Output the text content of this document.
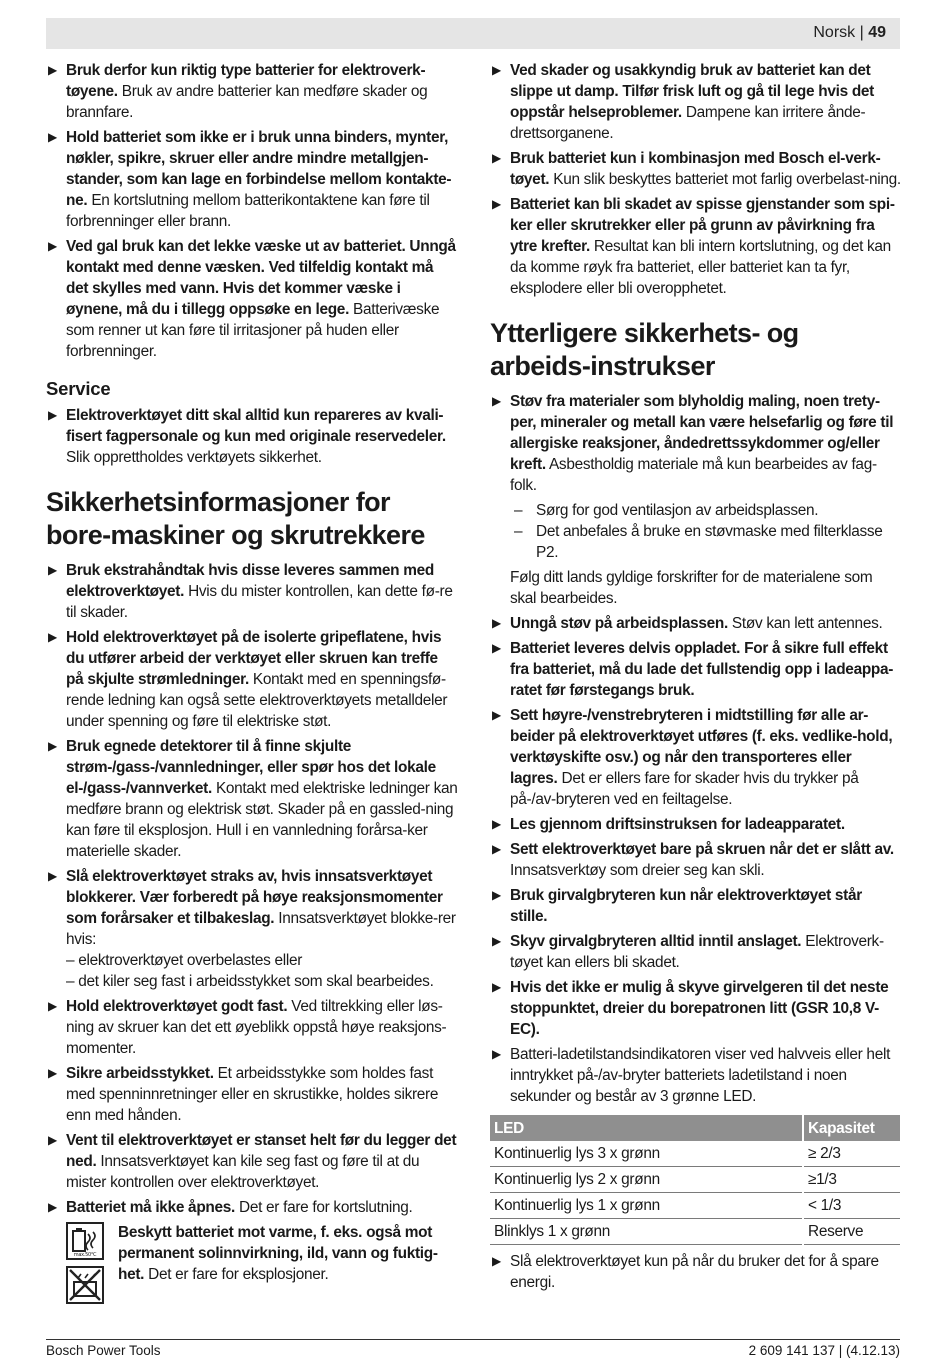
Norsk | 49
▶ Bruk derfor kun riktig type batterier for elektroverk-tøyene. Bruk av andre batterier kan medføre skader og brannfare.
▶ Hold batteriet som ikke er i bruk unna binders, mynter, nøkler, spikre, skruer eller andre mindre metallgjen-stander, som kan lage en forbindelse mellom kontakte-ne. En kortslutning mellom batterikontaktene kan føre til forbrenninger eller brann.
▶ Ved gal bruk kan det lekke væske ut av batteriet. Unngå kontakt med denne væsken. Ved tilfeldig kontakt må det skylles med vann. Hvis det kommer væske i øynene, må du i tillegg oppsøke en lege. Batterivæske som renner ut kan føre til irritasjoner på huden eller forbrenninger.
Service
▶ Elektroverktøyet ditt skal alltid kun repareres av kvali-fisert fagpersonale og kun med originale reservedeler. Slik opprettholdes verktøyets sikkerhet.
Sikkerhetsinformasjoner for bore-maskiner og skrutrekkere
▶ Bruk ekstrahåndtak hvis disse leveres sammen med elektroverktøyet. Hvis du mister kontrollen, kan dette fø-re til skader.
▶ Hold elektroverktøyet på de isolerte gripeflatene, hvis du utfører arbeid der verktøyet eller skruen kan treffe på skjulte strømledninger. Kontakt med en spenningsfø-rende ledning kan også sette elektroverktøyets metalldeler under spenning og føre til elektriske støt.
▶ Bruk egnede detektorer til å finne skjulte strøm-/gass-/vannledninger, eller spør hos det lokale el-/gass-/vannverket. Kontakt med elektriske ledninger kan medføre brann og elektrisk støt. Skader på en gassled-ning kan føre til eksplosjon. Hull i en vannledning forårsa-ker materielle skader.
▶ Slå elektroverktøyet straks av, hvis innsatsverktøyet blokkerer. Vær forberedt på høye reaksjonsmomenter som forårsaker et tilbakeslag. Innsatsverktøyet blokke-rer hvis:
– elektroverktøyet overbelastes eller
– det kiler seg fast i arbeidsstykket som skal bearbeides.
▶ Hold elektroverktøyet godt fast. Ved tiltrekking eller løs-ning av skruer kan det ett øyeblikk oppstå høye reaksjons-momenter.
▶ Sikre arbeidsstykket. Et arbeidsstykke som holdes fast med spenninnretninger eller en skrustikke, holdes sikrere enn med hånden.
▶ Vent til elektroverktøyet er stanset helt før du legger det ned. Innsatsverktøyet kan kile seg fast og føre til at du mister kontrollen over elektroverktøyet.
▶ Batteriet må ikke åpnes. Det er fare for kortslutning.
max.50°C
Beskytt batteriet mot varme, f. eks. også mot permanent solinnvirkning, ild, vann og fuktig-het. Det er fare for eksplosjoner.
▶ Ved skader og usakkyndig bruk av batteriet kan det slippe ut damp. Tilfør frisk luft og gå til lege hvis det oppstår helseproblemer. Dampene kan irritere ånde-drettsorganene.
▶ Bruk batteriet kun i kombinasjon med Bosch el-verk-tøyet. Kun slik beskyttes batteriet mot farlig overbelast-ning.
▶ Batteriet kan bli skadet av spisse gjenstander som spi-ker eller skrutrekker eller på grunn av påvirkning fra ytre krefter. Resultat kan bli intern kortslutning, og det kan da komme røyk fra batteriet, eller batteriet kan ta fyr, eksplodere eller bli overopphetet.
Ytterligere sikkerhets- og arbeids-instrukser
▶ Støv fra materialer som blyholdig maling, noen trety-per, mineraler og metall kan være helsefarlig og føre til allergiske reaksjoner, åndedrettssykdommer og/eller kreft. Asbestholdig materiale må kun bearbeides av fag-folk.
– Sørg for god ventilasjon av arbeidsplassen.
– Det anbefales å bruke en støvmaske med filterklasse P2.
Følg ditt lands gyldige forskrifter for de materialene som skal bearbeides.
▶ Unngå støv på arbeidsplassen. Støv kan lett antennes.
▶ Batteriet leveres delvis oppladet. For å sikre full effekt fra batteriet, må du lade det fullstendig opp i ladeappa-ratet før førstegangs bruk.
▶ Sett høyre-/venstrebryteren i midtstilling før alle ar-beider på elektroverktøyet utføres (f. eks. vedlike-hold, verktøyskifte osv.) og når den transporteres eller lagres. Det er ellers fare for skader hvis du trykker på på-/av-bryteren ved en feiltagelse.
▶ Les gjennom driftsinstruksen for ladeapparatet.
▶ Sett elektroverktøyet bare på skruen når det er slått av. Innsatsverktøy som dreier seg kan skli.
▶ Bruk girvalgbryteren kun når elektroverktøyet står stille.
▶ Skyv girvalgbryteren alltid inntil anslaget. Elektroverk-tøyet kan ellers bli skadet.
▶ Hvis det ikke er mulig å skyve girvelgeren til det neste stoppunktet, dreier du borepatronen litt (GSR 10,8 V-EC).
▶ Batteri-ladetilstandsindikatoren viser ved halvveis eller helt inntrykket på-/av-bryter batteriets ladetilstand i noen sekunder og består av 3 grønne LED.
LED	Kapasitet
Kontinuerlig lys 3 x grønn	≥ 2/3
Kontinuerlig lys 2 x grønn	≥1/3
Kontinuerlig lys 1 x grønn	< 1/3
Blinklys 1 x grønn	Reserve
▶ Slå elektroverktøyet kun på når du bruker det for å spare energi.
Bosch Power Tools	2 609 141 137 | (4.12.13)
